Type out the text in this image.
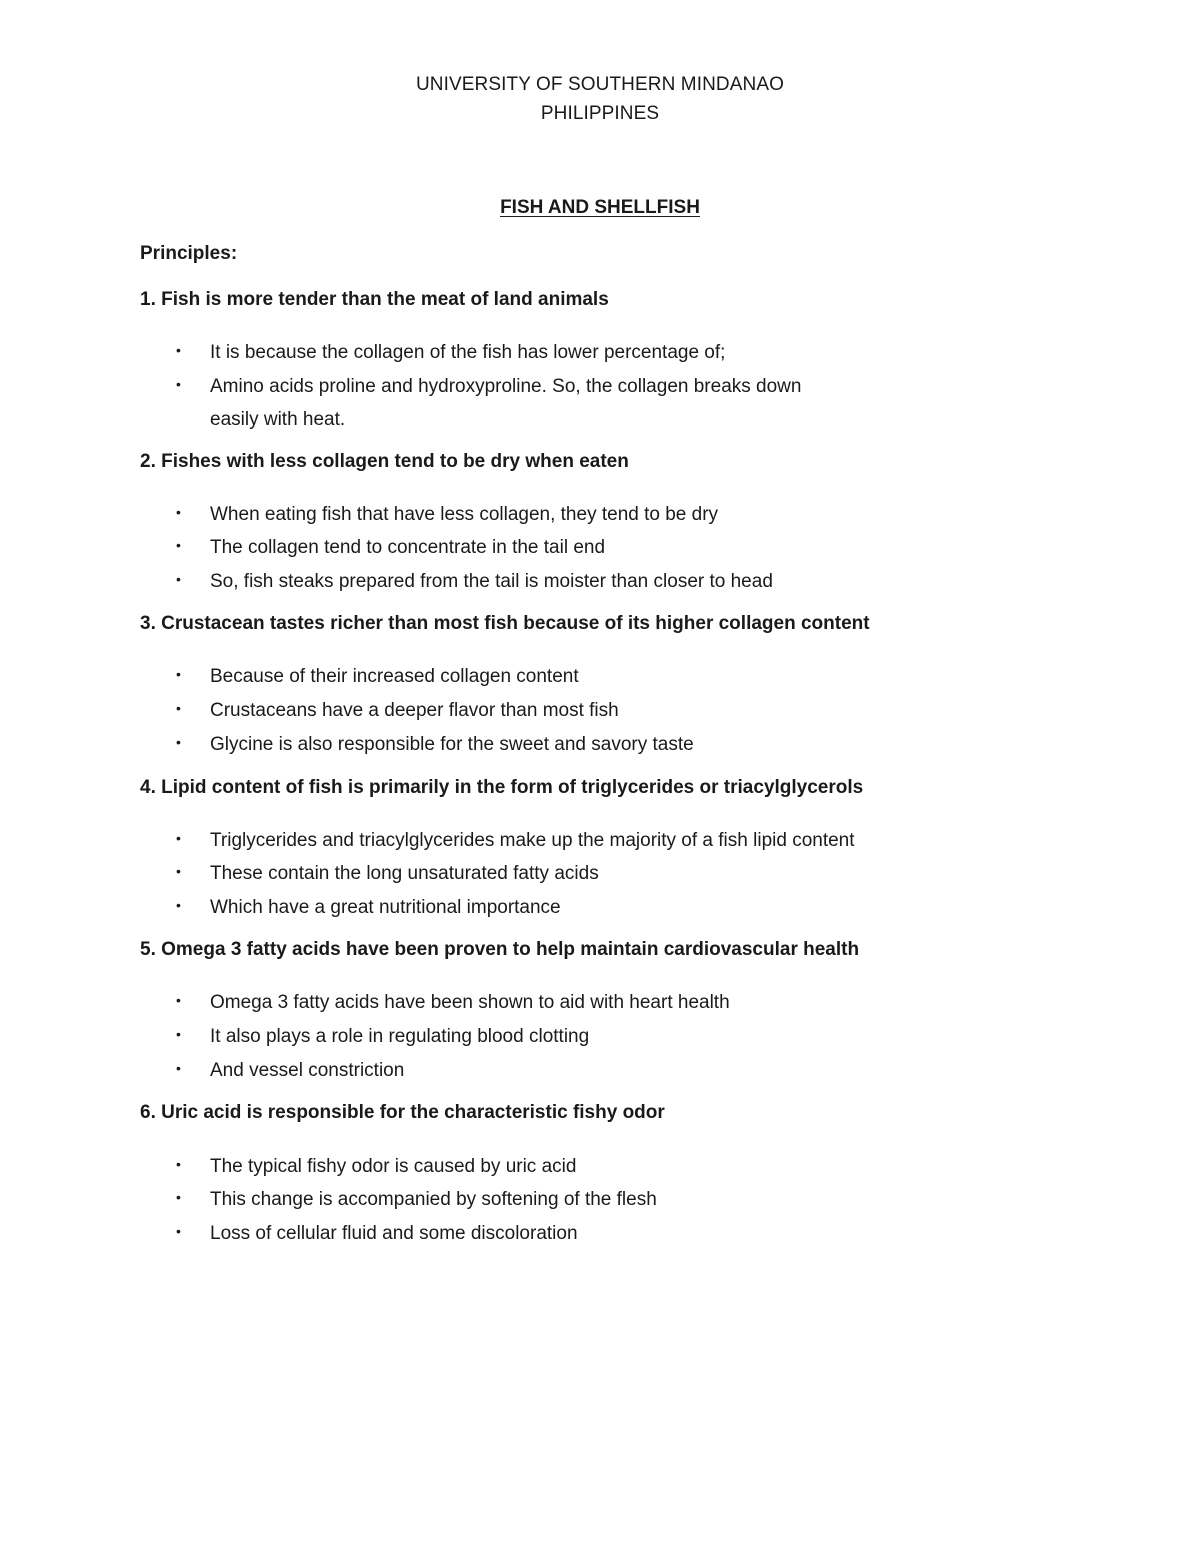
UNIVERSITY OF SOUTHERN MINDANAO
PHILIPPINES
FISH AND SHELLFISH
Principles:
1. Fish is more tender than the meat of land animals
•	It is because the collagen of the fish has lower percentage of;
•	Amino acids proline and hydroxyproline. So, the collagen breaks down easily with heat.
2. Fishes with less collagen tend to be dry when eaten
•	When eating fish that have less collagen, they tend to be dry
•	The collagen tend to concentrate in the tail end
•	So, fish steaks prepared from the tail is moister than closer to head
3. Crustacean tastes richer than most fish because of its higher collagen content
•	Because of their increased collagen content
•	Crustaceans have a deeper flavor than most fish
•	Glycine is also responsible for the sweet and savory taste
4. Lipid content of fish is primarily in the form of triglycerides or triacylglycerols
•	Triglycerides and triacylglycerides make up the majority of a fish lipid content
•	These contain the long unsaturated fatty acids
•	Which have a great nutritional importance
5. Omega 3 fatty acids have been proven to help maintain cardiovascular health
•	Omega 3 fatty acids have been shown to aid with heart health
•	It also plays a role in regulating blood clotting
•	And vessel constriction
6. Uric acid is responsible for the characteristic fishy odor
•	The typical fishy odor is caused by uric acid
•	This change is accompanied by softening of the flesh
•	Loss of cellular fluid and some discoloration
